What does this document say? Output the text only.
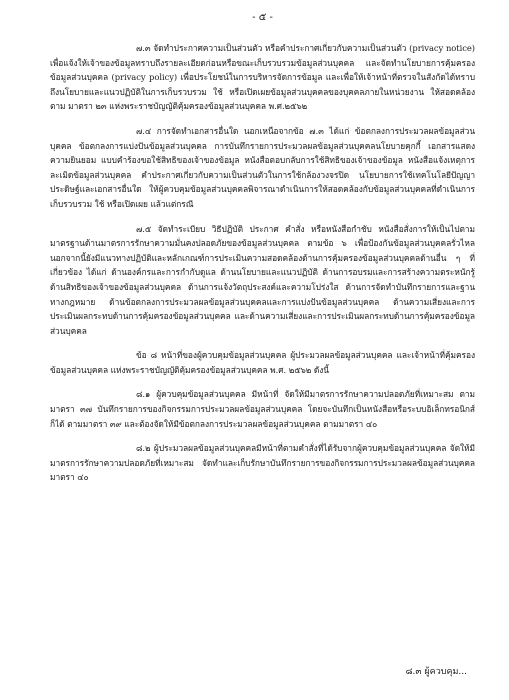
- ๕ -

๗.๓ จัดทำประกาศความเป็นส่วนตัว หรือคำประกาศเกี่ยวกับความเป็นส่วนตัว (privacy notice) เพื่อแจ้งให้เจ้าของข้อมูลทราบถึงรายละเอียดก่อนหรือขณะเก็บรวบรวมข้อมูลส่วนบุคคล และจัดทำนโยบายการคุ้มครองข้อมูลส่วนบุคคล (privacy policy) เพื่อประโยชน์ในการบริหารจัดการข้อมูล และเพื่อให้เจ้าหน้าที่ตรวจในสังกัดได้ทราบถึงนโยบายและแนวปฏิบัติในการเก็บรวบรวม ใช้ หรือเปิดเผยข้อมูลส่วนบุคคลของบุคคลภายในหน่วยงาน ให้สอดคล้องตาม มาตรา ๒๓ แห่งพระราชบัญญัติคุ้มครองข้อมูลส่วนบุคคล พ.ศ.๒๕๖๒

๗.๔ การจัดทำเอกสารอื่นใด นอกเหนือจากข้อ ๗.๓ ได้แก่ ข้อตกลงการประมวลผลข้อมูลส่วนบุคคล ข้อตกลงการแบ่งปันข้อมูลส่วนบุคคล การบันทึกรายการประมวลผลข้อมูลส่วนบุคคลนโยบายคุกกี้ เอกสารแสดงความยินยอม แบบคำร้องขอใช้สิทธิของเจ้าของข้อมูล หนังสือตอบกลับการใช้สิทธิของเจ้าของข้อมูล หนังสือแจ้งเหตุการละเมิดข้อมูลส่วนบุคคล คำประกาศเกี่ยวกับความเป็นส่วนตัวในการใช้กล้องวงจรปิด นโยบายการใช้เทคโนโลยีปัญญาประดิษฐ์และเอกสารอื่นใด ให้ผู้ควบคุมข้อมูลส่วนบุคคลพิจารณาดำเนินการให้สอดคล้องกับข้อมูลส่วนบุคคลที่ดำเนินการเก็บรวบรวม ใช้ หรือเปิดเผย แล้วแต่กรณี

๗.๕ จัดทำระเบียบ วิธีปฏิบัติ ประกาศ คำสั่ง หรือหนังสือกำชับ หนังสือสั่งการให้เป็นไปตามมาตรฐานด้านมาตรการรักษาความมั่นคงปลอดภัยของข้อมูลส่วนบุคคล ตามข้อ ๖ เพื่อป้องกันข้อมูลส่วนบุคคลรั่วไหล นอกจากนี้ยังมีแนวทางปฏิบัติและหลักเกณฑ์การประเมินความสอดคล้องด้านการคุ้มครองข้อมูลส่วนบุคคลด้านอื่น ๆ ที่เกี่ยวข้อง ได้แก่ ด้านองค์กรและการกำกับดูแล ด้านนโยบายและแนวปฏิบัติ ด้านการอบรมและการสร้างความตระหนักรู้ ด้านสิทธิของเจ้าของข้อมูลส่วนบุคคล ด้านการแจ้งวัตถุประสงค์และความโปร่งใส ด้านการจัดทำบันทึกรายการและฐานทางกฎหมาย ด้านข้อตกลงการประมวลผลข้อมูลส่วนบุคคลและการแบ่งปันข้อมูลส่วนบุคคล ด้านความเสี่ยงและการประเมินผลกระทบด้านการคุ้มครองข้อมูลส่วนบุคคล และด้านความเสี่ยงและการประเมินผลกระทบด้านการคุ้มครองข้อมูลส่วนบุคคล

ข้อ ๘ หน้าที่ของผู้ควบคุมข้อมูลส่วนบุคคล ผู้ประมวลผลข้อมูลส่วนบุคคล และเจ้าหน้าที่คุ้มครองข้อมูลส่วนบุคคล แห่งพระราชบัญญัติคุ้มครองข้อมูลส่วนบุคคล พ.ศ. ๒๕๖๒ ดังนี้

๘.๑ ผู้ควบคุมข้อมูลส่วนบุคคล มีหน้าที่ จัดให้มีมาตรการรักษาความปลอดภัยที่เหมาะสม ตามมาตรา ๓๗ บันทึกรายการของกิจกรรมการประมวลผลข้อมูลส่วนบุคคล โดยจะบันทึกเป็นหนังสือหรือระบบอิเล็กทรอนิกส์ก็ได้ ตามมาตรา ๓๙ และต้องจัดให้มีข้อตกลงการประมวลผลข้อมูลส่วนบุคคล ตามมาตรา ๔๐

๘.๒ ผู้ประมวลผลข้อมูลส่วนบุคคลมีหน้าที่ตามคำสั่งที่ได้รับจากผู้ควบคุมข้อมูลส่วนบุคคล จัดให้มีมาตรการรักษาความปลอดภัยที่เหมาะสม จัดทำและเก็บรักษาบันทึกรายการของกิจกรรมการประมวลผลข้อมูลส่วนบุคคล มาตรา ๔๐

๘.๓ ผู้ควบคุม...
